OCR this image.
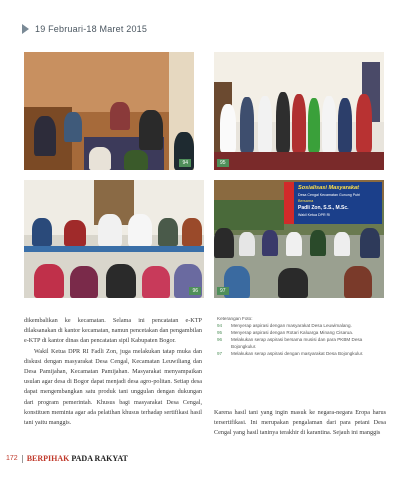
19 Februari-18 Maret 2015
94	95
96
Sosialisasi Masyarakat
Desa Cengal Kecamatan Gunung Putri
Bersama
Padli Zon, S.S., M.Sc.
Wakil Ketua DPR RI
97

dikembalikan ke kecamatan. Selama ini pencatatan e-KTP dilaksanakan di kantor kecamatan, namun pencetakan dan pengambilan e-KTP di kantor dinas dan pencatatan sipil Kabupaten Bogor.

Wakil Ketua DPR RI Fadli Zon, juga melakukan tatap muka dan diskusi dengan masyarakat Desa Cengal, Kecamatan Leuwiliang dan Desa Pamijahan, Kecamatan Pamijahan. Masyarakat menyampaikan usulan agar desa di Bogor dapat menjadi desa agro-politan. Setiap desa dapat mengembangkan satu produk tani unggulan dengan dukungan dari program pemerintah. Khusus bagi masyarakat Desa Cengal, konstituen meminta agar ada pelatihan khusus terhadap sertifikasi hasil tani yaitu manggis.

Keterangan Foto:
94	Menyerap aspirasi dengan masyarakat Desa Leuwimalang.
95	Menyerap aspirasi dengan Rotari Kaluarga Minang Cisarua.
96	Melakukan serap aspirasi bersama musisi dan para PKBM Desa Bojongkulur.
97	Melakukan serap aspirasi dengan masyarakat Desa Bojongkulur.

Karena hasil tani yang ingin masuk ke negara-negara Eropa harus tersertifikasi. Ini merupakan pengalaman dari para petani Desa Cengal yang hasil taninya terakhir di karantina. Sejauh ini manggis

172 BERPIHAK PADA RAKYAT
